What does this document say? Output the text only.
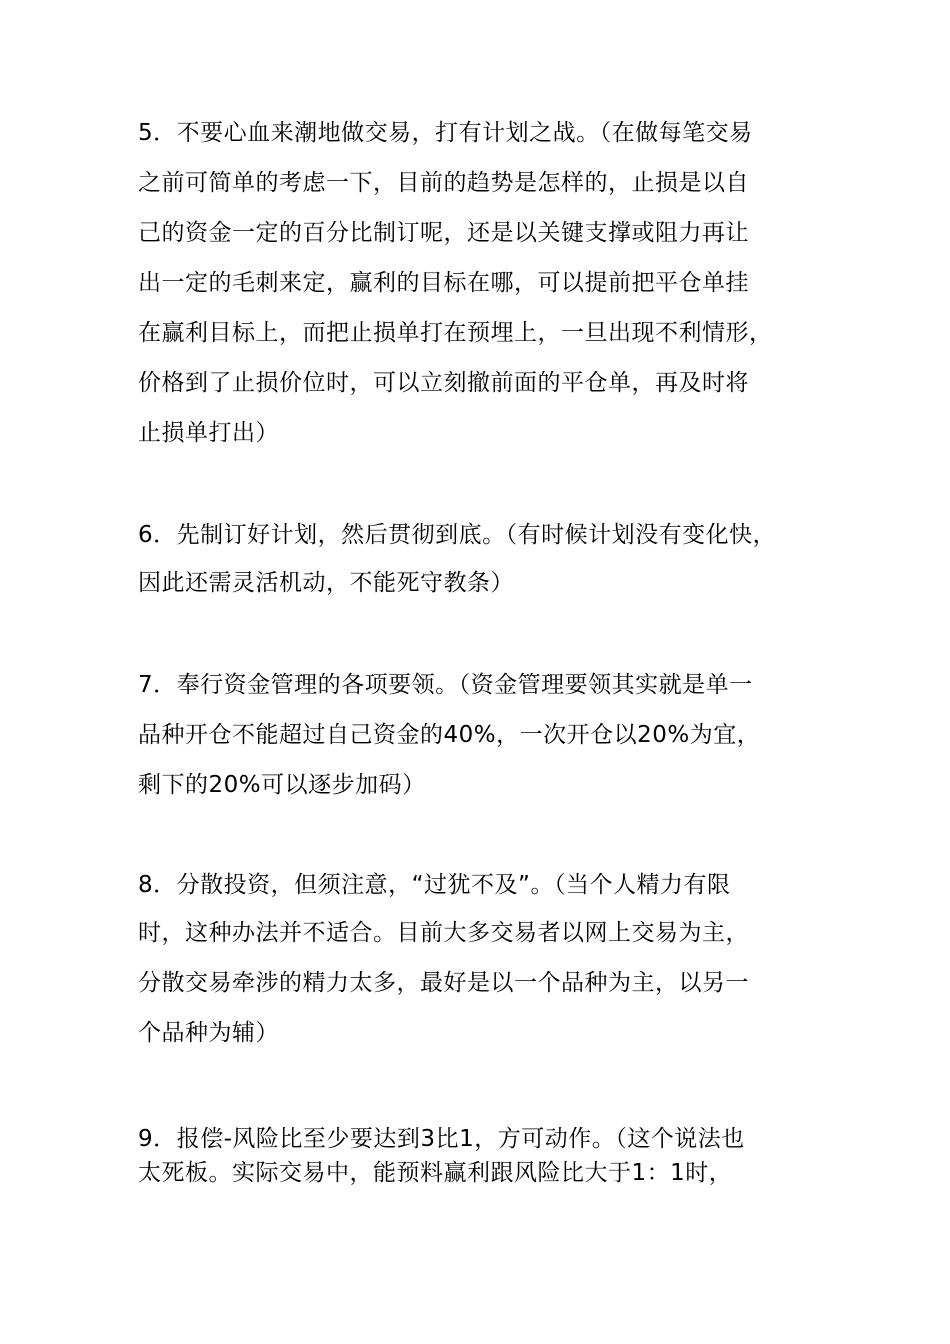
5．不要心血来潮地做交易，打有计划之战。（在做每笔交易
之前可简单的考虑一下，目前的趋势是怎样的，止损是以自
己的资金一定的百分比制订呢，还是以关键支撑或阻力再让
出一定的毛刺来定，赢利的目标在哪，可以提前把平仓单挂
在赢利目标上，而把止损单打在预埋上，一旦出现不利情形，
价格到了止损价位时，可以立刻撤前面的平仓单，再及时将
止损单打出）
6．先制订好计划，然后贯彻到底。（有时候计划没有变化快，
因此还需灵活机动，不能死守教条）
7．奉行资金管理的各项要领。（资金管理要领其实就是单一
品种开仓不能超过自己资金的40%，一次开仓以20%为宜，
剩下的20%可以逐步加码）
8．分散投资，但须注意，“过犹不及”。（当个人精力有限
时，这种办法并不适合。目前大多交易者以网上交易为主，
分散交易牵涉的精力太多，最好是以一个品种为主，以另一
个品种为辅）
9．报偿-风险比至少要达到3比1，方可动作。（这个说法也
太死板。实际交易中，能预料赢利跟风险比大于1：1时，
